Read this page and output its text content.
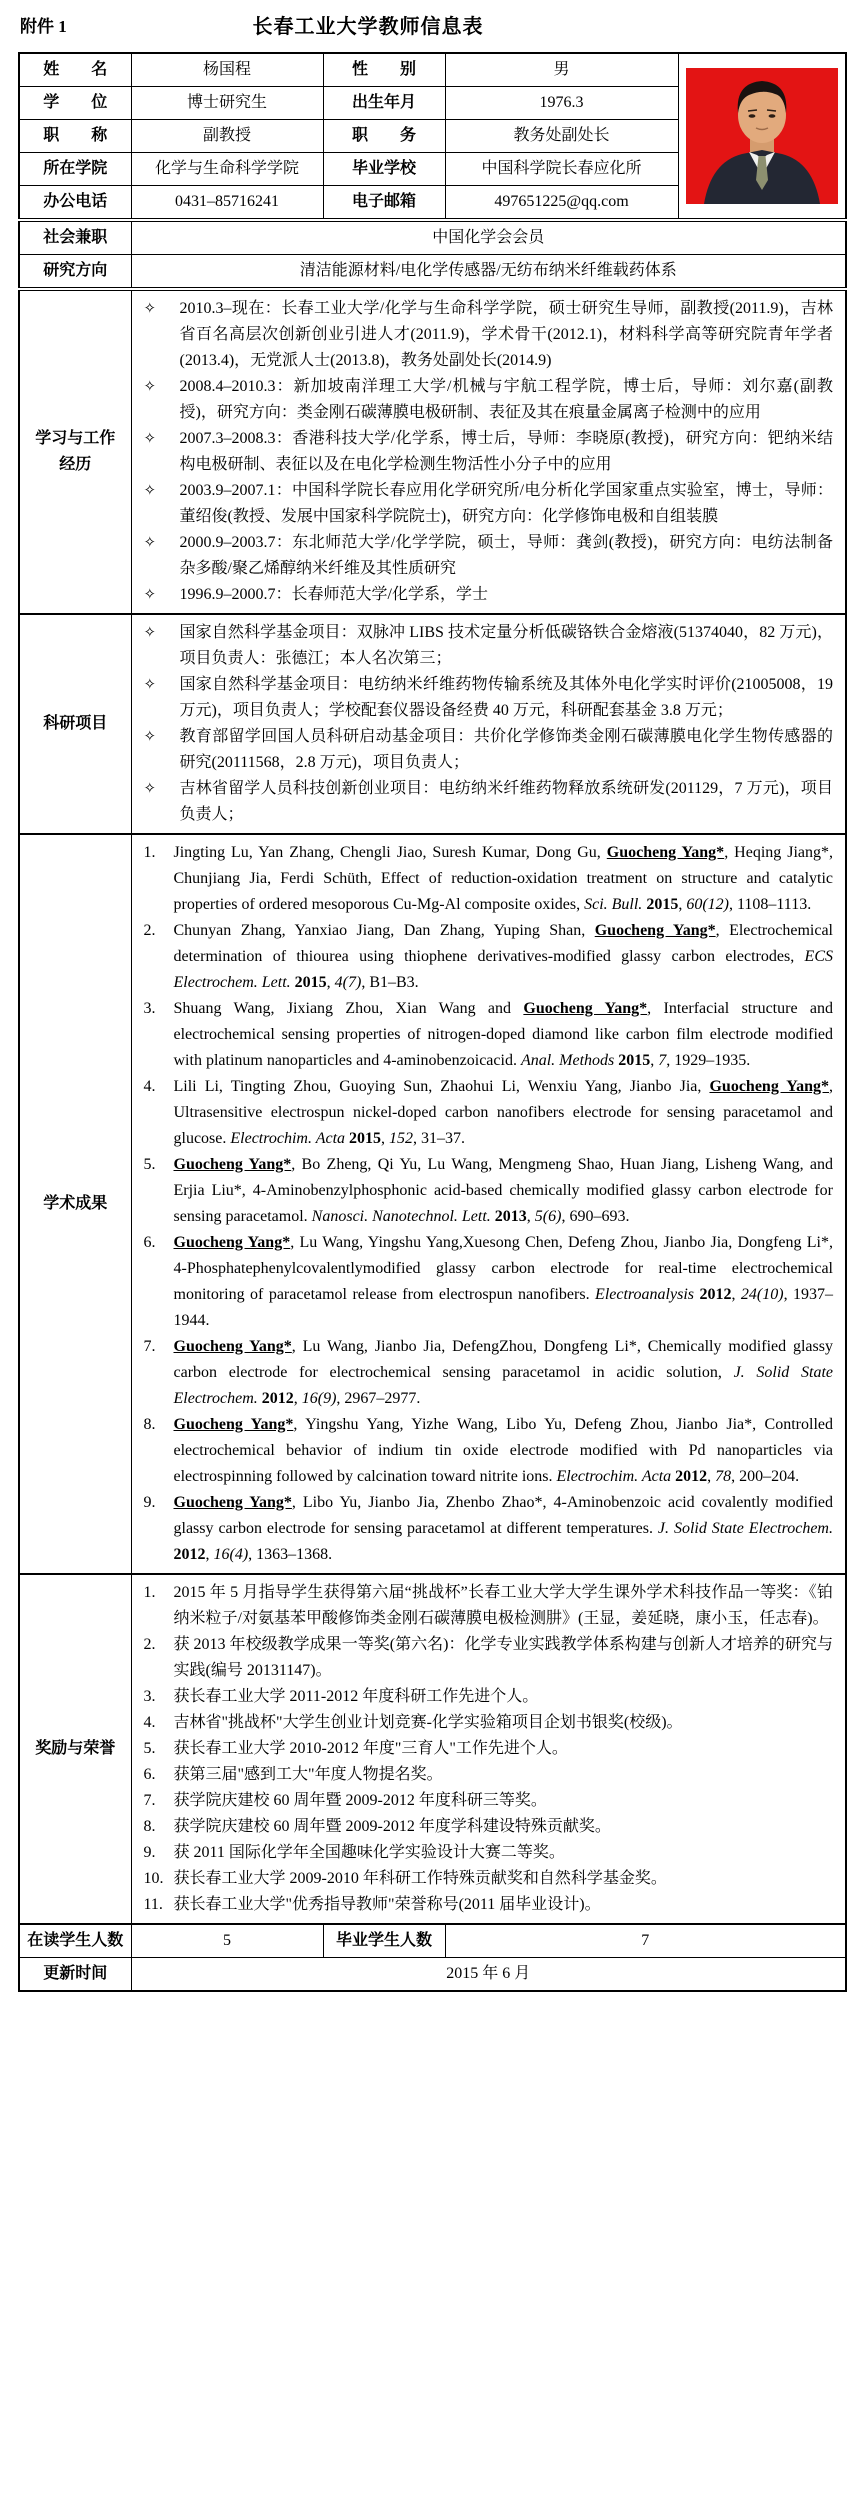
附件 1	长春工业大学教师信息表
姓　　名	杨国程	性　　别	男	

学　　位	博士研究生	出生年月	1976.3	
职　　称	副教授	职　　务	教务处副处长	
所在学院	化学与生命科学学院	毕业学校	中国科学院长春应化所	
办公电话	0431–85716241	电子邮箱	497651225@qq.com	
社会兼职	中国化学会会员			
研究方向	清洁能源材料/电化学传感器/无纺布纳米纤维载药体系			
学习与工作经历	
✧	2010.3–现在：长春工业大学/化学与生命科学学院，硕士研究生导师，副教授(2011.9)，吉林省百名高层次创新创业引进人才(2011.9)，学术骨干(2012.1)，材料科学高等研究院青年学者(2013.4)，无党派人士(2013.8)，教务处副处长(2014.9)
✧	2008.4–2010.3：新加坡南洋理工大学/机械与宇航工程学院，博士后，导师：刘尔嘉(副教授)，研究方向：类金刚石碳薄膜电极研制、表征及其在痕量金属离子检测中的应用
✧	2007.3–2008.3：香港科技大学/化学系，博士后，导师：李晓原(教授)，研究方向：钯纳米结构电极研制、表征以及在电化学检测生物活性小分子中的应用
✧	2003.9–2007.1：中国科学院长春应用化学研究所/电分析化学国家重点实验室，博士，导师：董绍俊(教授、发展中国家科学院院士)，研究方向：化学修饰电极和自组装膜
✧	2000.9–2003.7：东北师范大学/化学学院，硕士，导师：龚剑(教授)，研究方向：电纺法制备杂多酸/聚乙烯醇纳米纤维及其性质研究
✧	1996.9–2000.7：长春师范大学/化学系，学士

科研项目	
✧	国家自然科学基金项目：双脉冲 LIBS 技术定量分析低碳铬铁合金熔液(51374040，82 万元)，项目负责人：张德江；本人名次第三；
✧	国家自然科学基金项目：电纺纳米纤维药物传输系统及其体外电化学实时评价(21005008，19 万元)，项目负责人；学校配套仪器设备经费 40 万元，科研配套基金 3.8 万元；
✧	教育部留学回国人员科研启动基金项目：共价化学修饰类金刚石碳薄膜电化学生物传感器的研究(20111568，2.8 万元)，项目负责人；
✧	吉林省留学人员科技创新创业项目：电纺纳米纤维药物释放系统研发(201129，7 万元)，项目负责人；

学术成果	
1.	Jingting Lu, Yan Zhang, Chengli Jiao, Suresh Kumar, Dong Gu, Guocheng Yang*, Heqing Jiang*, Chunjiang Jia, Ferdi Schüth, Effect of reduction-oxidation treatment on structure and catalytic properties of ordered mesoporous Cu-Mg-Al composite oxides, Sci. Bull. 2015, 60(12), 1108–1113.
2.	Chunyan Zhang, Yanxiao Jiang, Dan Zhang, Yuping Shan, Guocheng Yang*, Electrochemical determination of thiourea using thiophene derivatives-modified glassy carbon electrodes, ECS Electrochem. Lett. 2015, 4(7), B1–B3.
3.	Shuang Wang, Jixiang Zhou, Xian Wang and Guocheng Yang*, Interfacial structure and electrochemical sensing properties of nitrogen-doped diamond like carbon film electrode modified with platinum nanoparticles and 4-aminobenzoicacid. Anal. Methods 2015, 7, 1929–1935.
4.	Lili Li, Tingting Zhou, Guoying Sun, Zhaohui Li, Wenxiu Yang, Jianbo Jia, Guocheng Yang*, Ultrasensitive electrospun nickel-doped carbon nanofibers electrode for sensing paracetamol and glucose. Electrochim. Acta 2015, 152, 31–37.
5.	Guocheng Yang*, Bo Zheng, Qi Yu, Lu Wang, Mengmeng Shao, Huan Jiang, Lisheng Wang, and Erjia Liu*, 4-Aminobenzylphosphonic acid-based chemically modified glassy carbon electrode for sensing paracetamol. Nanosci. Nanotechnol. Lett. 2013, 5(6), 690–693.
6.	Guocheng Yang*, Lu Wang, Yingshu Yang,Xuesong Chen, Defeng Zhou, Jianbo Jia, Dongfeng Li*, 4-Phosphatephenylcovalentlymodified glassy carbon electrode for real-time electrochemical monitoring of paracetamol release from electrospun nanofibers. Electroanalysis 2012, 24(10), 1937–1944.
7.	Guocheng Yang*, Lu Wang, Jianbo Jia, DefengZhou, Dongfeng Li*, Chemically modified glassy carbon electrode for electrochemical sensing paracetamol in acidic solution, J. Solid State Electrochem. 2012, 16(9), 2967–2977.
8.	Guocheng Yang*, Yingshu Yang, Yizhe Wang, Libo Yu, Defeng Zhou, Jianbo Jia*, Controlled electrochemical behavior of indium tin oxide electrode modified with Pd nanoparticles via electrospinning followed by calcination toward nitrite ions. Electrochim. Acta 2012, 78, 200–204.
9.	Guocheng Yang*, Libo Yu, Jianbo Jia, Zhenbo Zhao*, 4-Aminobenzoic acid covalently modified glassy carbon electrode for sensing paracetamol at different temperatures. J. Solid State Electrochem. 2012, 16(4), 1363–1368.

奖励与荣誉	
1.	2015 年 5 月指导学生获得第六届“挑战杯”长春工业大学大学生课外学术科技作品一等奖：《铂纳米粒子/对氨基苯甲酸修饰类金刚石碳薄膜电极检测肼》(王显，姜延晓，康小玉，任志春)。
2.	获 2013 年校级教学成果一等奖(第六名)：化学专业实践教学体系构建与创新人才培养的研究与实践(编号 20131147)。
3.	获长春工业大学 2011-2012 年度科研工作先进个人。
4.	吉林省"挑战杯"大学生创业计划竞赛-化学实验箱项目企划书银奖(校级)。
5.	获长春工业大学 2010-2012 年度"三育人"工作先进个人。
6.	获第三届"感到工大"年度人物提名奖。
7.	获学院庆建校 60 周年暨 2009-2012 年度科研三等奖。
8.	获学院庆建校 60 周年暨 2009-2012 年度学科建设特殊贡献奖。
9.	获 2011 国际化学年全国趣味化学实验设计大赛二等奖。
10. 获长春工业大学 2009-2010 年科研工作特殊贡献奖和自然科学基金奖。
11. 获长春工业大学"优秀指导教师"荣誉称号(2011 届毕业设计)。

在读学生人数	5	毕业学生人数	7	
更新时间	2015 年 6 月			
